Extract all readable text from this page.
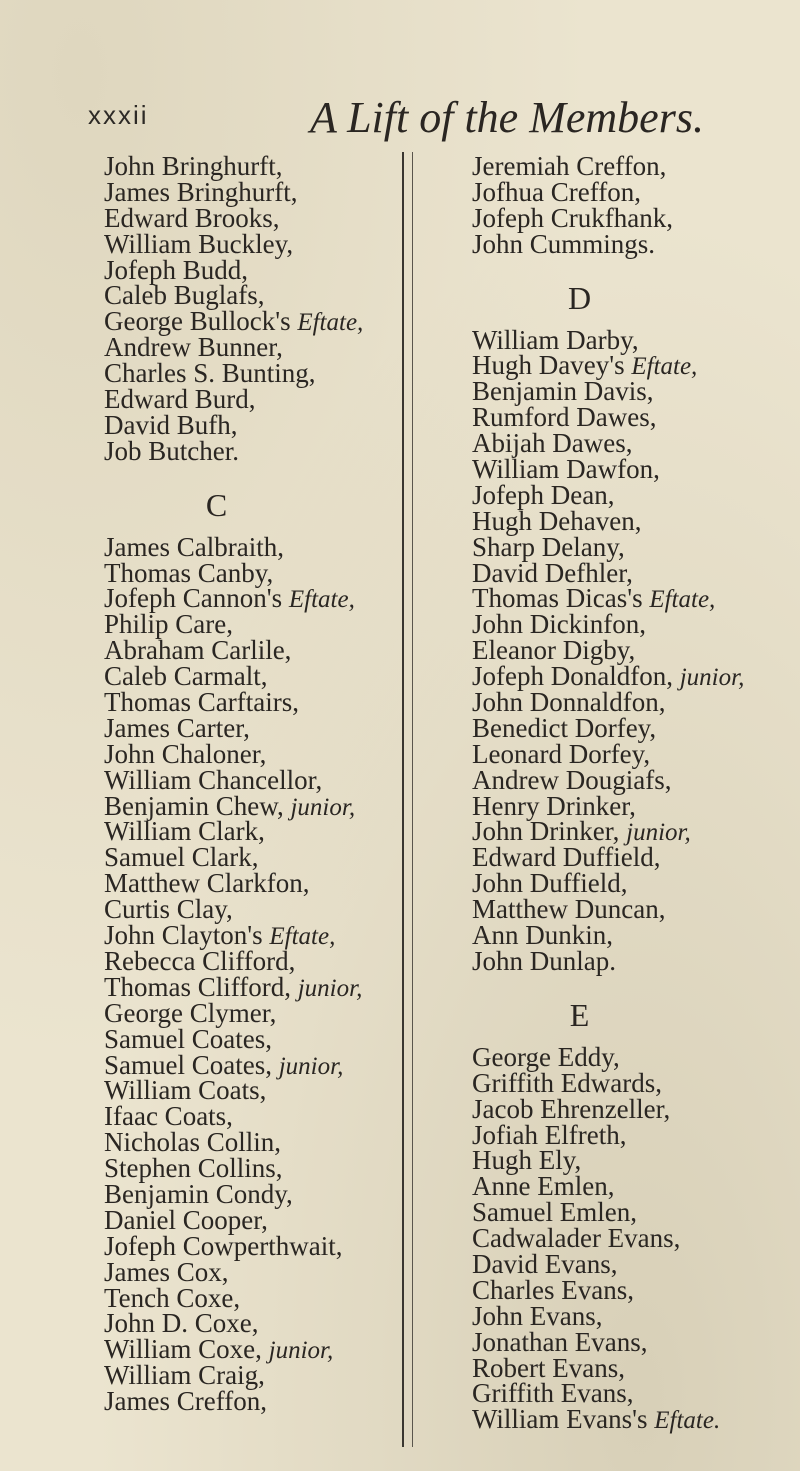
xxxii	A Lift of the Members.
John Bringhurft,
James Bringhurft,
Edward Brooks,
William Buckley,
Jofeph Budd,
Caleb Buglafs,
George Bullock's Eftate,
Andrew Bunner,
Charles S. Bunting,
Edward Burd,
David Bufh,
Job Butcher.
C
James Calbraith,
Thomas Canby,
Jofeph Cannon's Eftate,
Philip Care,
Abraham Carlile,
Caleb Carmalt,
Thomas Carftairs,
James Carter,
John Chaloner,
William Chancellor,
Benjamin Chew, junior,
William Clark,
Samuel Clark,
Matthew Clarkfon,
Curtis Clay,
John Clayton's Eftate,
Rebecca Clifford,
Thomas Clifford, junior,
George Clymer,
Samuel Coates,
Samuel Coates, junior,
William Coats,
Ifaac Coats,
Nicholas Collin,
Stephen Collins,
Benjamin Condy,
Daniel Cooper,
Jofeph Cowperthwait,
James Cox,
Tench Coxe,
John D. Coxe,
William Coxe, junior,
William Craig,
James Creffon,
Jeremiah Creffon,
Jofhua Creffon,
Jofeph Crukfhank,
John Cummings.
D
William Darby,
Hugh Davey's Eftate,
Benjamin Davis,
Rumford Dawes,
Abijah Dawes,
William Dawfon,
Jofeph Dean,
Hugh Dehaven,
Sharp Delany,
David Defhler,
Thomas Dicas's Eftate,
John Dickinfon,
Eleanor Digby,
Jofeph Donaldfon, junior,
John Donnaldfon,
Benedict Dorfey,
Leonard Dorfey,
Andrew Dougiafs,
Henry Drinker,
John Drinker, junior,
Edward Duffield,
John Duffield,
Matthew Duncan,
Ann Dunkin,
John Dunlap.
E
George Eddy,
Griffith Edwards,
Jacob Ehrenzeller,
Jofiah Elfreth,
Hugh Ely,
Anne Emlen,
Samuel Emlen,
Cadwalader Evans,
David Evans,
Charles Evans,
John Evans,
Jonathan Evans,
Robert Evans,
Griffith Evans,
William Evans's Eftate.
